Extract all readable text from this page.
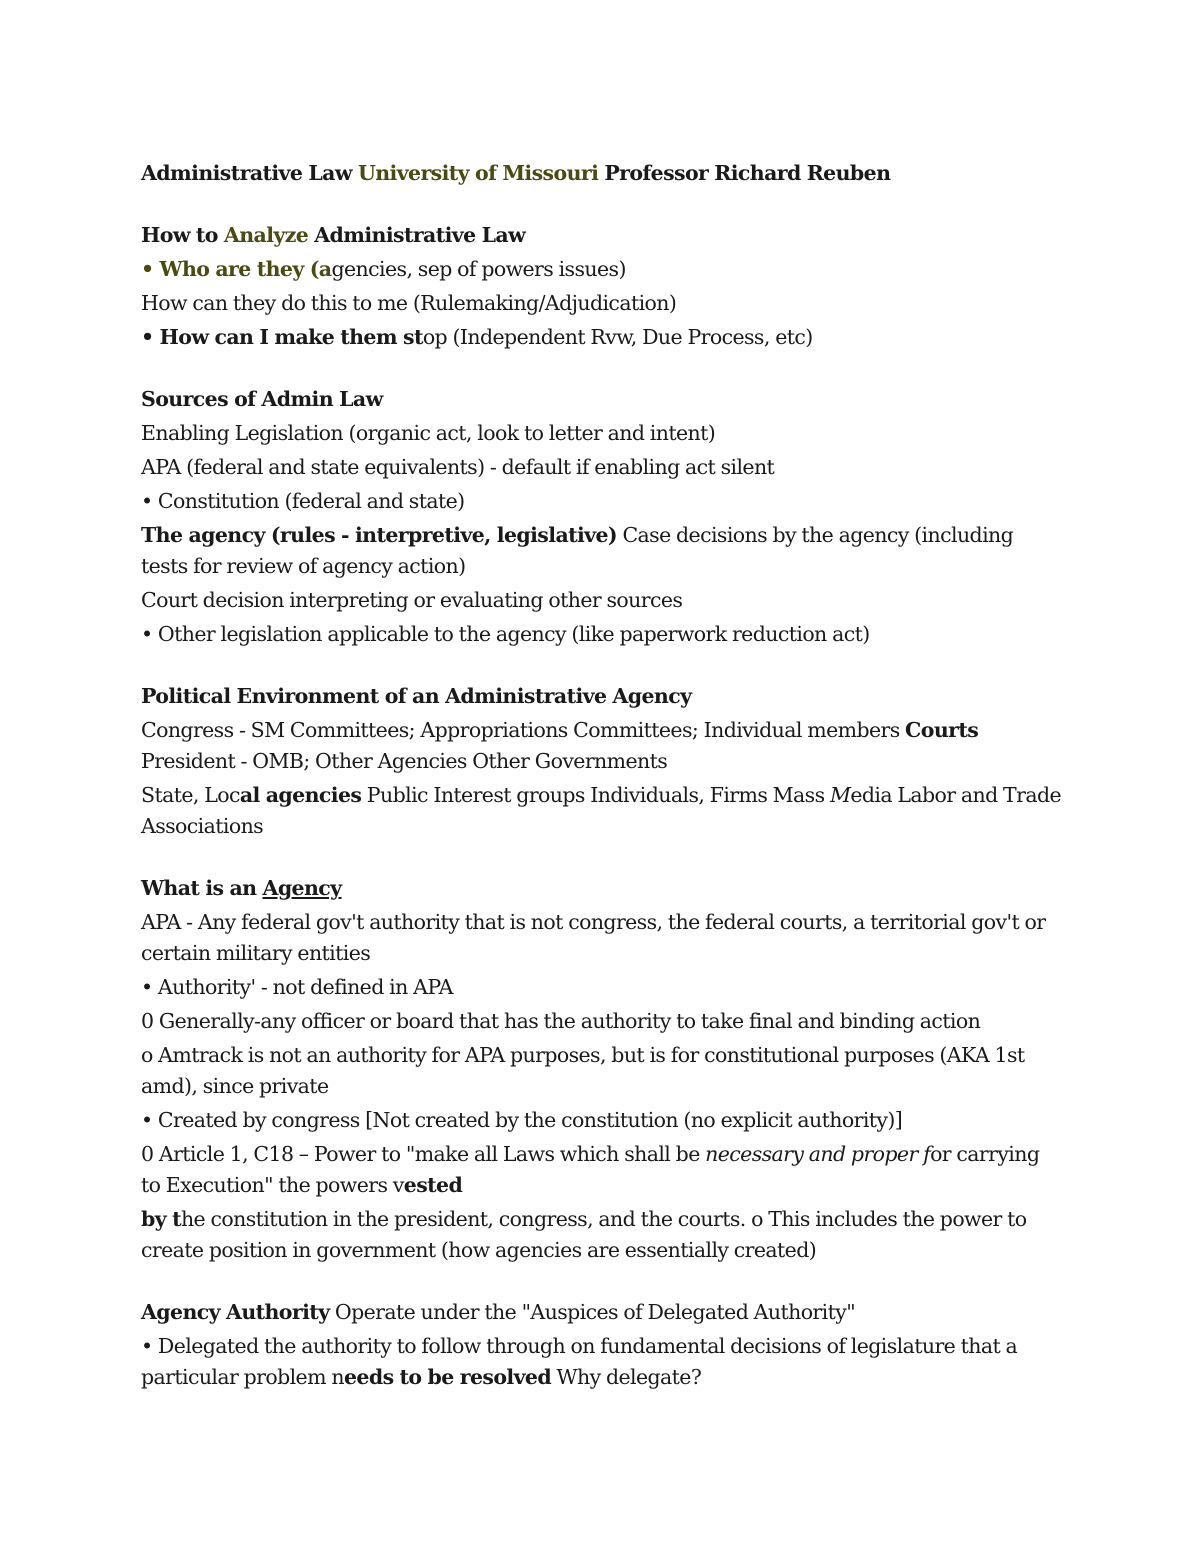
Administrative Law University of Missouri Professor Richard Reuben

How to Analyze Administrative Law

• Who are they (agencies, sep of powers issues)

How can they do this to me (Rulemaking/Adjudication)

• How can I make them stop (Independent Rvw, Due Process, etc)

Sources of Admin Law

Enabling Legislation (organic act, look to letter and intent)

APA (federal and state equivalents) - default if enabling act silent

• Constitution (federal and state)

The agency (rules - interpretive, legislative) Case decisions by the agency (including tests for review of agency action)

Court decision interpreting or evaluating other sources

• Other legislation applicable to the agency (like paperwork reduction act)

Political Environment of an Administrative Agency

Congress - SM Committees; Appropriations Committees; Individual members Courts President - OMB; Other Agencies Other Governments

State, Local agencies Public Interest groups Individuals, Firms Mass Media Labor and Trade Associations

What is an Agency

APA - Any federal gov't authority that is not congress, the federal courts, a territorial gov't or certain military entities

• Authority' - not defined in APA

0 Generally-any officer or board that has the authority to take final and binding action

o Amtrack is not an authority for APA purposes, but is for constitutional purposes (AKA 1st amd), since private

• Created by congress [Not created by the constitution (no explicit authority)]

0 Article 1, C18 – Power to "make all Laws which shall be necessary and proper for carrying to Execution" the powers vested

by the constitution in the president, congress, and the courts. o This includes the power to create position in government (how agencies are essentially created)

Agency Authority Operate under the "Auspices of Delegated Authority"

• Delegated the authority to follow through on fundamental decisions of legislature that a particular problem needs to be resolved Why delegate?
